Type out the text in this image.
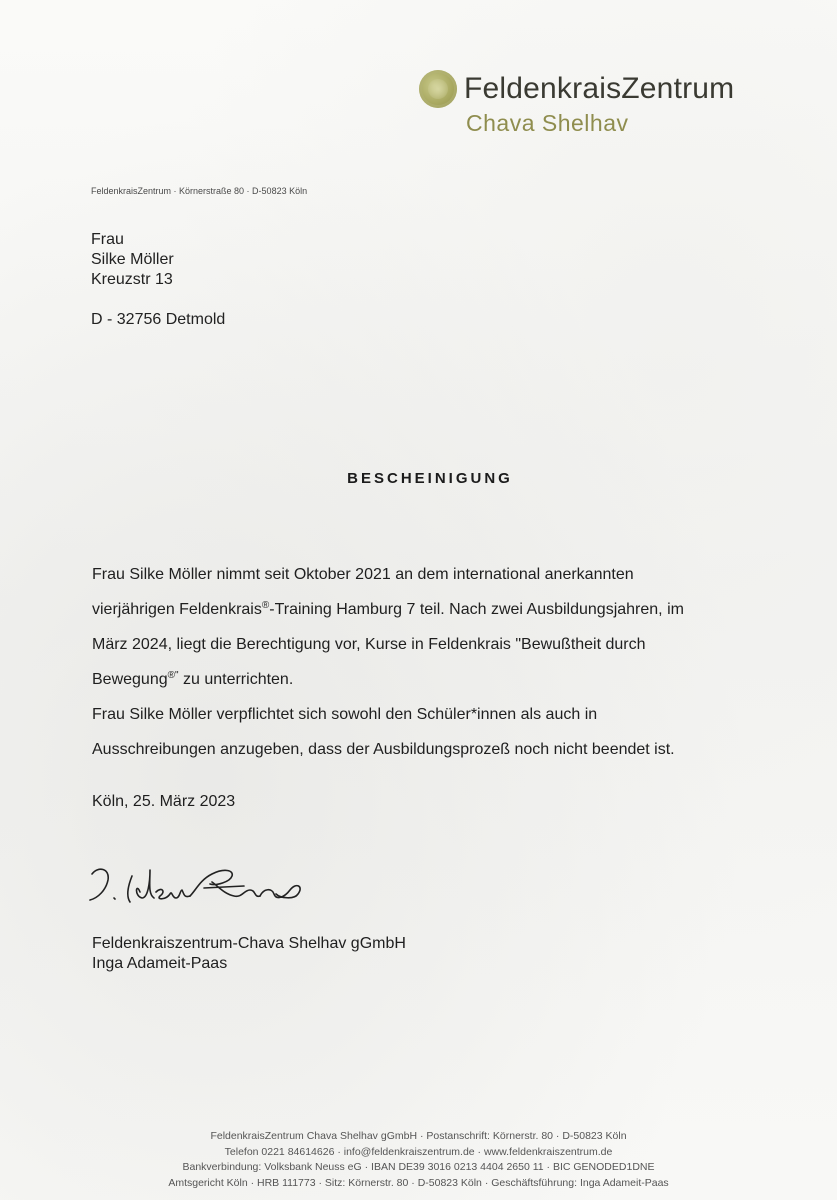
FeldenkraisZentrum
Chava Shelhav
FeldenkraisZentrum · Körnerstraße 80 · D-50823 Köln
Frau
Silke Möller
Kreuzstr 13
D - 32756 Detmold
BESCHEINIGUNG

Frau Silke Möller nimmt seit Oktober 2021 an dem international anerkannten

vierjährigen Feldenkrais®-Training Hamburg 7 teil. Nach zwei Ausbildungsjahren, im

März 2024, liegt die Berechtigung vor, Kurse in Feldenkrais "Bewußtheit durch

Bewegung®" zu unterrichten.

Frau Silke Möller verpflichtet sich sowohl den Schüler*innen als auch in

Ausschreibungen anzugeben, dass der Ausbildungsprozeß noch nicht beendet ist.

Köln, 25. März 2023
Feldenkraiszentrum-Chava Shelhav gGmbH
Inga Adameit-Paas
FeldenkraisZentrum Chava Shelhav gGmbH · Postanschrift: Körnerstr. 80 · D-50823 Köln
Telefon 0221 84614626 · info@feldenkraiszentrum.de · www.feldenkraiszentrum.de
Bankverbindung: Volksbank Neuss eG · IBAN DE39 3016 0213 4404 2650 11 · BIC GENODED1DNE
Amtsgericht Köln · HRB 111773 · Sitz: Körnerstr. 80 · D-50823 Köln · Geschäftsführung: Inga Adameit-Paas
